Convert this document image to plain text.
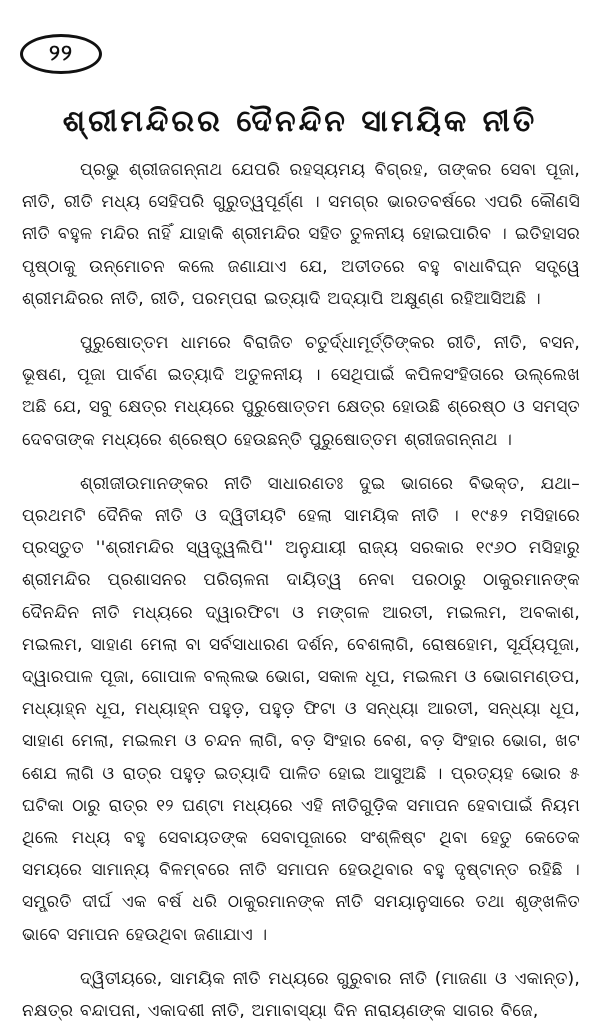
୨୨
ଶ୍ରୀମନ୍ଦିରର ଦୈନନ୍ଦିନ ସାମୟିକ ନୀତି

ପ୍ରଭୁ ଶ୍ରୀଜଗନ୍ନାଥ ଯେପରି ରହସ୍ୟମୟ ବିଗ୍ରହ, ତାଙ୍କର ସେବା ପୂଜା, ନୀତି, ରୀତି ମଧ୍ୟ ସେହିପରି ଗୁରୁତ୍ୱପୂର୍ଣ୍ଣ । ସମଗ୍ର ଭାରତବର୍ଷରେ ଏପରି କୌଣସି ନୀତି ବହୁଳ ମନ୍ଦିର ନାହିଁ ଯାହାକି ଶ୍ରୀମନ୍ଦିର ସହିତ ତୁଳନୀୟ ହୋଇପାରିବ । ଇତିହାସର ପୃଷ୍ଠାକୁ ଉନ୍ମୋଚନ କଲେ ଜଣାଯାଏ ଯେ, ଅତୀତରେ ବହୁ ବାଧାବିଘ୍ନ ସତ୍ତ୍ୱେ ଶ୍ରୀମନ୍ଦିରର ନୀତି, ରୀତି, ପରମ୍ପରା ଇତ୍ୟାଦି ଅଦ୍ୟାପି ଅକ୍ଷୁଣ୍ଣ ରହିଆସିଅଛି ।

ପୁରୁଷୋତ୍ତମ ଧାମରେ ବିରାଜିତ ଚତୁର୍ଦ୍ଧାମୂର୍ତ୍ତିଙ୍କର ରୀତି, ନୀତି, ବସନ, ଭୂଷଣ, ପୂଜା ପାର୍ବଣ ଇତ୍ୟାଦି ଅତୁଳନୀୟ । ସେଥିପାଇଁ କପିଳସଂହିତାରେ ଉଲ୍ଲେଖ ଅଛି ଯେ, ସବୁ କ୍ଷେତ୍ର ମଧ୍ୟରେ ପୁରୁଷୋତ୍ତମ କ୍ଷେତ୍ର ହୋଉଛି ଶ୍ରେଷ୍ଠ ଓ ସମସ୍ତ ଦେବତାଙ୍କ ମଧ୍ୟରେ ଶ୍ରେଷ୍ଠ ହେଉଛନ୍ତି ପୁରୁଷୋତ୍ତମ ଶ୍ରୀଜଗନ୍ନାଥ ।

ଶ୍ରୀଜୀଉମାନଙ୍କର ନୀତି ସାଧାରଣତଃ ଦୁଇ ଭାଗରେ ବିଭକ୍ତ, ଯଥା– ପ୍ରଥମଟି ଦୈନିକ ନୀତି ଓ ଦ୍ୱିତୀୟଟି ହେଲା ସାମୟିକ ନୀତି । ୧୯୫୨ ମସିହାରେ ପ୍ରସ୍ତୁତ ''ଶ୍ରୀମନ୍ଦିର ସ୍ୱତ୍ତ୍ୱଲିପି'' ଅନୁଯାୟୀ ରାଜ୍ୟ ସରକାର ୧୯୬୦ ମସିହାରୁ ଶ୍ରୀମନ୍ଦିର ପ୍ରଶାସନର ପରିଚାଳନା ଦାୟିତ୍ୱ ନେବା ପରଠାରୁ ଠାକୁରମାନଙ୍କ ଦୈନନ୍ଦିନ ନୀତି ମଧ୍ୟରେ ଦ୍ୱାରଫିଟା ଓ ମଙ୍ଗଳ ଆରତୀ, ମଇଲମ, ଅବକାଶ, ମଇଲମ, ସାହାଣ ମେଲା ବା ସର୍ବସାଧାରଣ ଦର୍ଶନ, ବେଶଲାଗି, ରୋଷହୋମ, ସୂର୍ଯ୍ୟପୂଜା, ଦ୍ୱାରପାଳ ପୂଜା, ଗୋପାଳ ବଲ୍ଲଭ ଭୋଗ, ସକାଳ ଧୂପ, ମଇଲମ ଓ ଭୋଗମଣ୍ଡପ, ମଧ୍ୟାହ୍ନ ଧୂପ, ମଧ୍ୟାହ୍ନ ପହୁଡ଼, ପହୁଡ଼ ଫିଟା ଓ ସନ୍ଧ୍ୟା ଆରତୀ, ସନ୍ଧ୍ୟା ଧୂପ, ସାହାଣ ମେଲା, ମଇଲମ ଓ ଚନ୍ଦନ ଲାଗି, ବଡ଼ ସିଂହାର ବେଶ, ବଡ଼ ସିଂହାର ଭୋଗ, ଖଟ ଶେଯ ଲାଗି ଓ ରାତ୍ର ପହୁଡ଼ ଇତ୍ୟାଦି ପାଳିତ ହୋଇ ଆସୁଅଛି । ପ୍ରତ୍ୟହ ଭୋର ୫ ଘଟିକା ଠାରୁ ରାତ୍ର ୧୨ ଘଣ୍ଟା ମଧ୍ୟରେ ଏହି ନୀତିଗୁଡ଼ିକ ସମାପନ ହେବାପାଇଁ ନିୟମ ଥିଲେ ମଧ୍ୟ ବହୁ ସେବାୟତଙ୍କ ସେବାପୂଜାରେ ସଂଶ୍ଳିଷ୍ଟ ଥିବା ହେତୁ କେତେକ ସମୟରେ ସାମାନ୍ୟ ବିଳମ୍ବରେ ନୀତି ସମାପନ ହେଉଥିବାର ବହୁ ଦୃଷ୍ଟାନ୍ତ ରହିଛି । ସମ୍ପ୍ରତି ଦୀର୍ଘ ଏକ ବର୍ଷ ଧରି ଠାକୁରମାନଙ୍କ ନୀତି ସମୟାନୁସାରେ ତଥା ଶୃଙ୍ଖଳିତ ଭାବେ ସମାପନ ହେଉଥିବା ଜଣାଯାଏ ।

ଦ୍ୱିତୀୟରେ, ସାମୟିକ ନୀତି ମଧ୍ୟରେ ଗୁରୁବାର ନୀତି (ମାଜଣା ଓ ଏକାନ୍ତ), ନକ୍ଷତ୍ର ବନ୍ଦାପନା, ଏକାଦଶୀ ନୀତି, ଅମାବାସ୍ୟା ଦିନ ନାରାୟଣଙ୍କ ସାଗର ବିଜେ,
